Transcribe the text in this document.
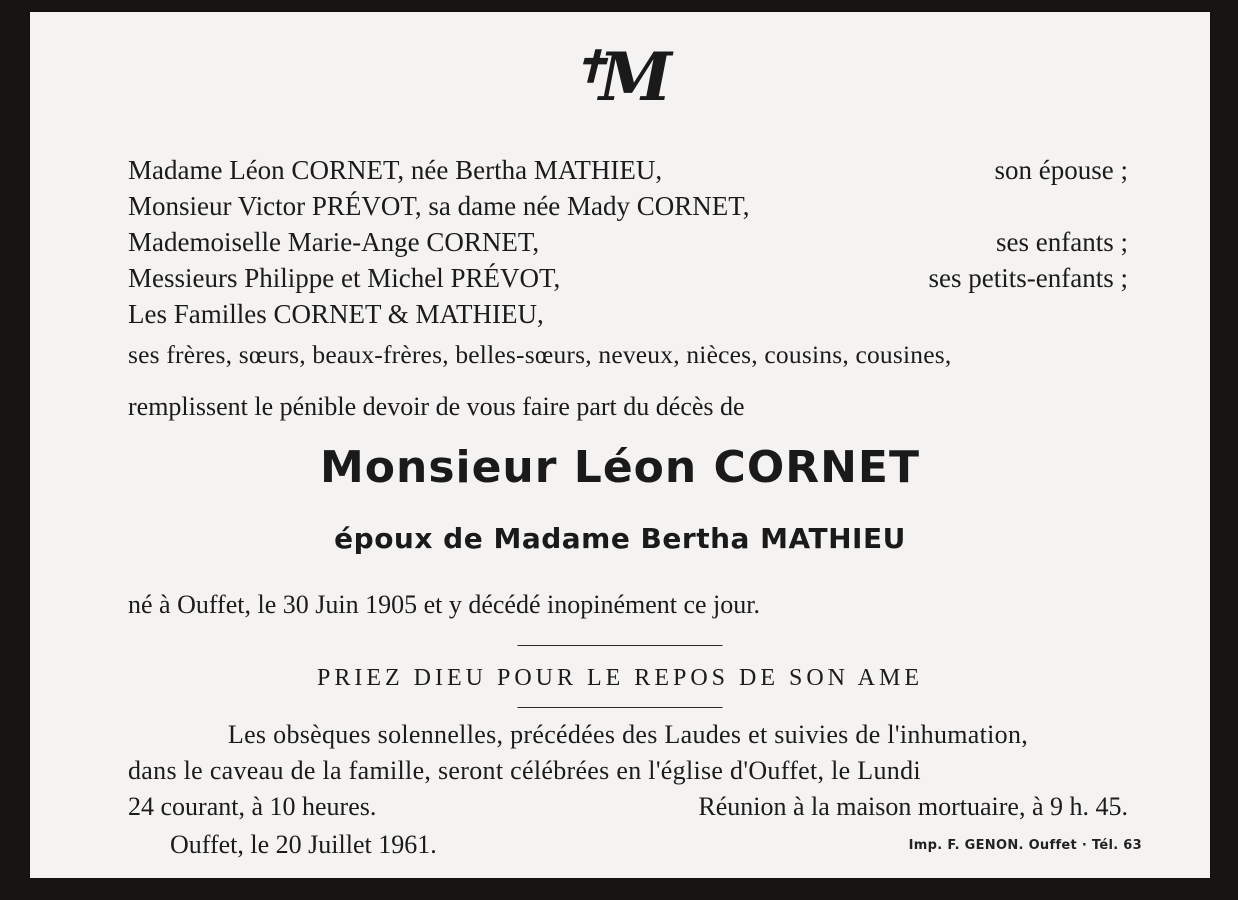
✝M
Madame Léon CORNET, née Bertha MATHIEU,	son épouse ;
Monsieur Victor PRÉVOT, sa dame née Mady CORNET,
Mademoiselle Marie-Ange CORNET,	ses enfants ;
Messieurs Philippe et Michel PRÉVOT,	ses petits-enfants ;
Les Familles CORNET & MATHIEU,
ses frères, sœurs, beaux-frères, belles-sœurs, neveux, nièces, cousins, cousines,
remplissent le pénible devoir de vous faire part du décès de
Monsieur Léon CORNET
époux de Madame Bertha MATHIEU
né à Ouffet, le 30 Juin 1905 et y décédé inopinément ce jour.
PRIEZ DIEU POUR LE REPOS DE SON AME
Les obsèques solennelles, précédées des Laudes et suivies de l'inhumation,
dans le caveau de la famille, seront célébrées en l'église d'Ouffet, le Lundi
24 courant, à 10 heures.	Réunion à la maison mortuaire, à 9 h. 45.
Ouffet, le 20 Juillet 1961.	Imp. F. GENON. Ouffet · Tél. 63
